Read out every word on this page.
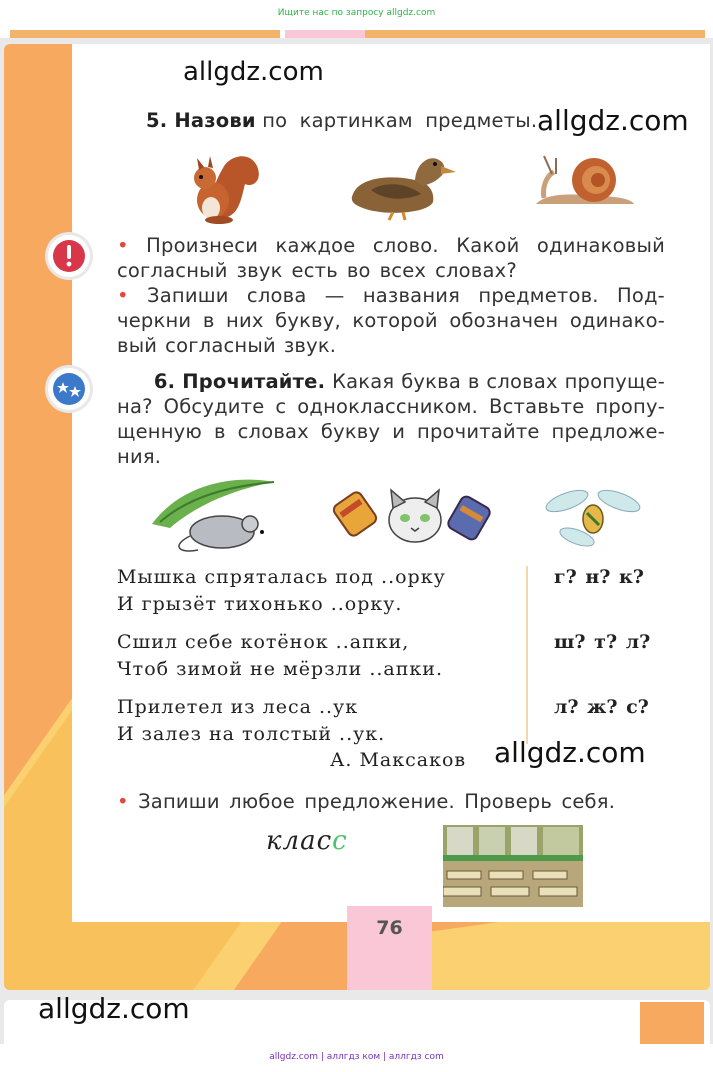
Ищите нас по запросу allgdz.com
allgdz.com
allgdz.com
5. Назови по картинкам предметы.
• Произнеси каждое слово. Какой одинаковый
согласный звук есть во всех словах?
• Запиши слова — названия предметов. Под-
черкни в них букву, которой обозначен одинако-
вый согласный звук.
6. Прочитайте. Какая буква в словах пропуще-
на? Обсудите с одноклассником. Вставьте пропу-
щенную в словах букву и прочитайте предложе-
ния.
Мышка спряталась под ..орку
И грызёт тихонько ..орку.
г? н? к?
Сшил себе котёнок ..апки,
Чтоб зимой не мёрзли ..апки.
ш? т? л?
Прилетел из леса ..ук
И залез на толстый ..ук.
л? ж? с?
А. Максаков allgdz.com
• Запиши любое предложение. Проверь себя.
класс
76
allgdz.com
allgdz.com | аллгдз ком | аллгдз com
